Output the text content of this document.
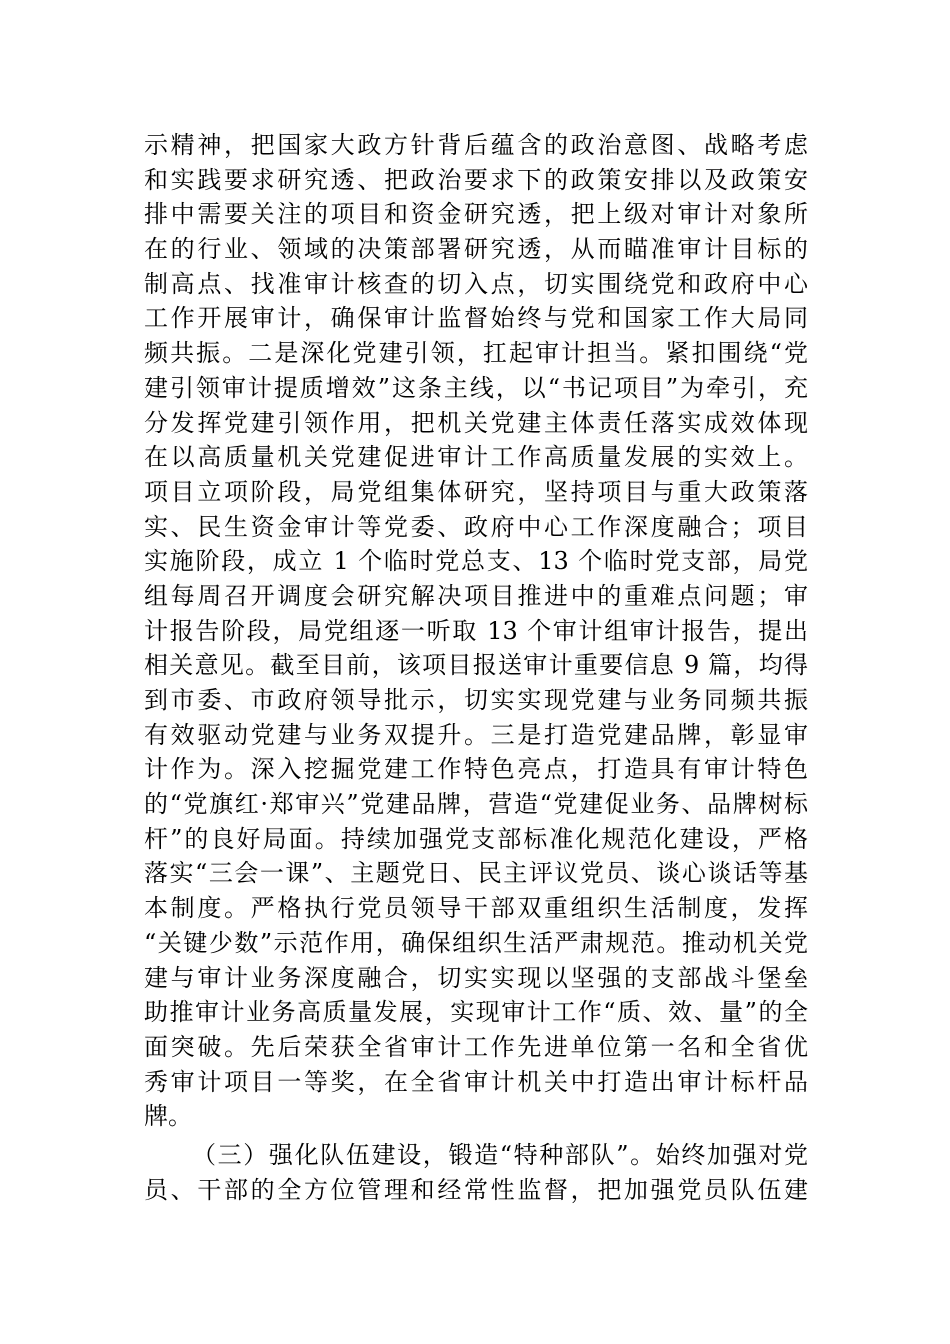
示精神，把国家大政方针背后蕴含的政治意图、战略考虑
和实践要求研究透、把政治要求下的政策安排以及政策安
排中需要关注的项目和资金研究透，把上级对审计对象所
在的行业、领域的决策部署研究透，从而瞄准审计目标的
制高点、找准审计核查的切入点，切实围绕党和政府中心
工作开展审计，确保审计监督始终与党和国家工作大局同
频共振。二是深化党建引领，扛起审计担当。紧扣围绕“党
建引领审计提质增效”这条主线，以“书记项目”为牵引，充
分发挥党建引领作用，把机关党建主体责任落实成效体现
在以高质量机关党建促进审计工作高质量发展的实效上。
项目立项阶段，局党组集体研究，坚持项目与重大政策落
实、民生资金审计等党委、政府中心工作深度融合；项目
实施阶段，成立 1 个临时党总支、13 个临时党支部，局党
组每周召开调度会研究解决项目推进中的重难点问题；审
计报告阶段，局党组逐一听取 13 个审计组审计报告，提出
相关意见。截至目前，该项目报送审计重要信息 9 篇，均得
到市委、市政府领导批示，切实实现党建与业务同频共振
有效驱动党建与业务双提升。三是打造党建品牌，彰显审
计作为。深入挖掘党建工作特色亮点，打造具有审计特色
的“党旗红·郑审兴”党建品牌，营造“党建促业务、品牌树标
杆”的良好局面。持续加强党支部标准化规范化建设，严格
落实“三会一课”、主题党日、民主评议党员、谈心谈话等基
本制度。严格执行党员领导干部双重组织生活制度，发挥
“关键少数”示范作用，确保组织生活严肃规范。推动机关党
建与审计业务深度融合，切实实现以坚强的支部战斗堡垒
助推审计业务高质量发展，实现审计工作“质、效、量”的全
面突破。先后荣获全省审计工作先进单位第一名和全省优
秀审计项目一等奖，在全省审计机关中打造出审计标杆品
牌。
（三）强化队伍建设，锻造“特种部队”。始终加强对党
员、干部的全方位管理和经常性监督，把加强党员队伍建
